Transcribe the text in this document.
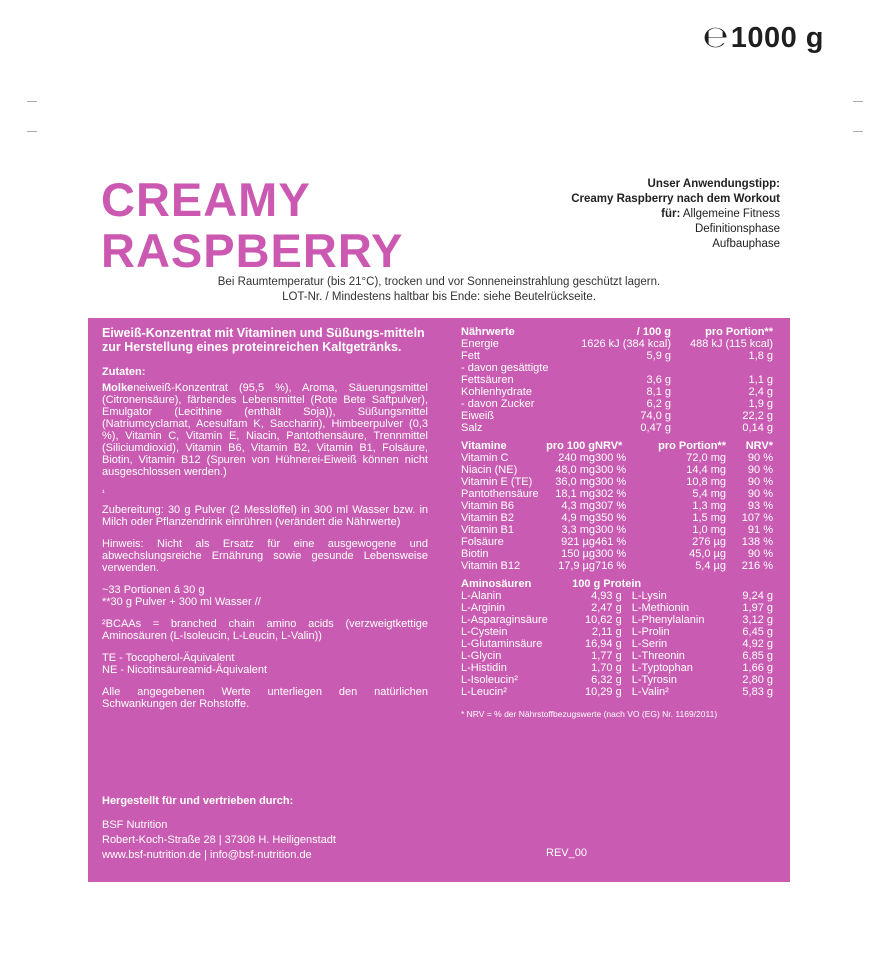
℮1000 g
CREAMY
RASPBERRY
Unser Anwendungstipp:
Creamy Raspberry nach dem Workout
für: Allgemeine Fitness
Definitionsphase
Aufbauphase
Bei Raumtemperatur (bis 21°C), trocken und vor Sonneneinstrahlung geschützt lagern.
LOT-Nr. / Mindestens haltbar bis Ende: siehe Beutelrückseite.

Eiweiß-Konzentrat mit Vitaminen und Süßungs-mitteln zur Herstellung eines proteinreichen Kaltgetränks.

Zutaten:

Molkeneiweiß-Konzentrat (95,5 %), Aroma, Säuerungsmittel (Citronensäure), färbendes Lebensmittel (Rote Bete Saftpulver), Emulgator (Lecithine (enthält Soja)), Süßungsmittel (Natriumcyclamat, Acesulfam K, Saccharin), Himbeerpulver (0,3 %), Vitamin C, Vitamin E, Niacin, Pantothensäure, Trennmittel (Siliciumdioxid), Vitamin B6, Vitamin B2, Vitamin B1, Folsäure, Biotin, Vitamin B12 (Spuren von Hühnerei-Eiweiß können nicht ausgeschlossen werden.)

¹

Zubereitung: 30 g Pulver (2 Messlöffel) in 300 ml Wasser bzw. in Milch oder Pflanzendrink einrühren (verändert die Nährwerte)

Hinweis: Nicht als Ersatz für eine ausgewogene und abwechslungsreiche Ernährung sowie gesunde Lebensweise verwenden.

~33 Portionen á 30 g
**30 g Pulver + 300 ml Wasser //

²BCAAs = branched chain amino acids (verzweigtkettige Aminosäuren (L-Isoleucin, L-Leucin, L-Valin))

TE - Tocopherol-Äquivalent
NE - Nicotinsäureamid-Äquivalent

Alle angegebenen Werte unterliegen den natürlichen Schwankungen der Rohstoffe.

Nährwerte	/ 100 g	pro Portion**
Energie	1626 kJ (384 kcal)	488 kJ (115 kcal)
Fett	5,9 g	1,8 g
- davon gesättigte		
Fettsäuren	3,6 g	1,1 g
Kohlenhydrate	8,1 g	2,4 g
- davon Zucker	6,2 g	1,9 g
Eiweiß	74,0 g	22,2 g
Salz	0,47 g	0,14 g
Vitamine	pro 100 g	NRV*	pro Portion**	NRV*
Vitamin C	240 mg	300 %	72,0 mg	90 %
Niacin (NE)	48,0 mg	300 %	14,4 mg	90 %
Vitamin E (TE)	36,0 mg	300 %	10,8 mg	90 %
Pantothensäure	18,1 mg	302 %	5,4 mg	90 %
Vitamin B6	4,3 mg	307 %	1,3 mg	93 %
Vitamin B2	4,9 mg	350 %	1,5 mg	107 %
Vitamin B1	3,3 mg	300 %	1,0 mg	91 %
Folsäure	921 µg	461 %	276 µg	138 %
Biotin	150 µg	300 %	45,0 µg	90 %
Vitamin B12	17,9 µg	716 %	5,4 µg	216 %
Aminosäuren	100 g Protein		
L-Alanin	4,93 g	L-Lysin	9,24 g
L-Arginin	2,47 g	L-Methionin	1,97 g
L-Asparaginsäure	10,62 g	L-Phenylalanin	3,12 g
L-Cystein	2,11 g	L-Prolin	6,45 g
L-Glutaminsäure	16,94 g	L-Serin	4,92 g
L-Glycin	1,77 g	L-Threonin	6,85 g
L-Histidin	1,70 g	L-Typtophan	1,66 g
L-Isoleucin²	6,32 g	L-Tyrosin	2,80 g
L-Leucin²	10,29 g	L-Valin²	5,83 g
* NRV = % der Nährstoffbezugswerte (nach VO (EG) Nr. 1169/2011)
Hergestellt für und vertrieben durch:
BSF Nutrition
Robert-Koch-Straße 28 | 37308 H. Heiligenstadt
www.bsf-nutrition.de | info@bsf-nutrition.de	REV_00
